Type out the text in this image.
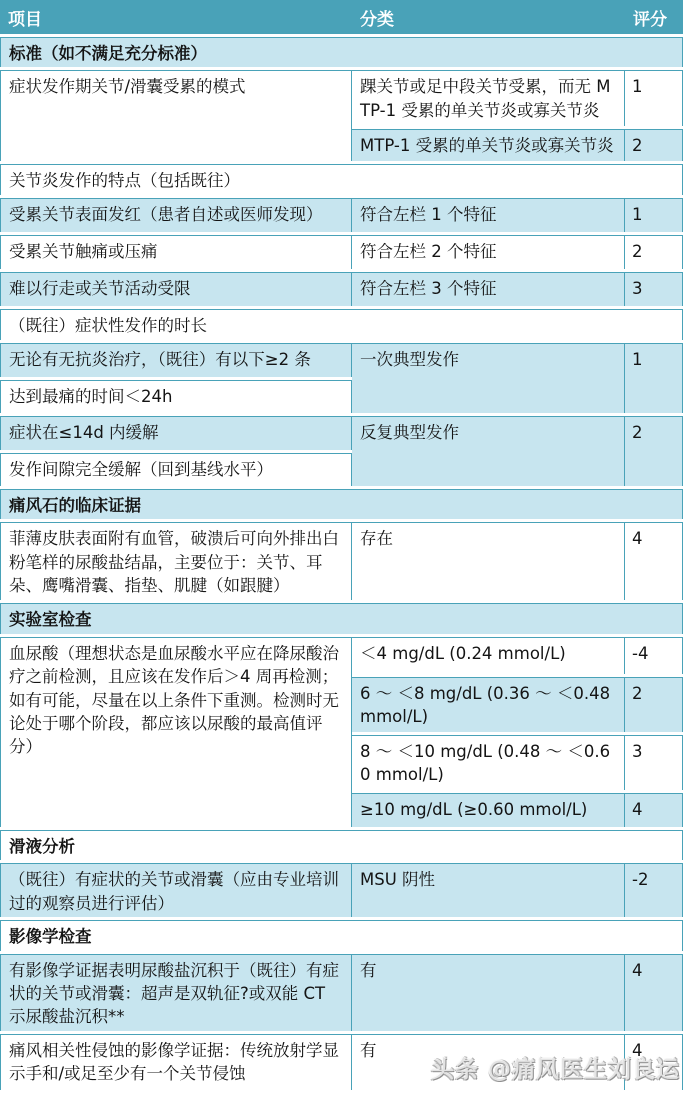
项目	分类	评分
标准（如不满足充分标准）		
症状发作期关节/滑囊受累的模式	踝关节或足中段关节受累，而无 MTP-1 受累的单关节炎或寡关节炎	1
	MTP-1 受累的单关节炎或寡关节炎	2
关节炎发作的特点（包括既往）		
受累关节表面发红（患者自述或医师发现）	符合左栏 1 个特征	1
受累关节触痛或压痛	符合左栏 2 个特征	2
难以行走或关节活动受限	符合左栏 3 个特征	3
（既往）症状性发作的时长		
无论有无抗炎治疗，（既往）有以下≥2 条	一次典型发作	1
达到最痛的时间＜24h		
症状在≤14d 内缓解	反复典型发作	2
发作间隙完全缓解（回到基线水平）		
痛风石的临床证据		
菲薄皮肤表面附有血管，破溃后可向外排出白粉笔样的尿酸盐结晶，主要位于：关节、耳朵、鹰嘴滑囊、指垫、肌腱（如跟腱）	存在	4
实验室检查		
血尿酸（理想状态是血尿酸水平应在降尿酸治疗之前检测，且应该在发作后＞4 周再检测；如有可能，尽量在以上条件下重测。检测时无论处于哪个阶段，都应该以尿酸的最高值评分）	＜4 mg/dL (0.24 mmol/L)	-4
	6 ～ ＜8 mg/dL (0.36 ～ ＜0.48 mmol/L)	2
	8 ～ ＜10 mg/dL (0.48 ～ ＜0.60 mmol/L)	3
	≥10 mg/dL (≥0.60 mmol/L)	4
滑液分析		
（既往）有症状的关节或滑囊（应由专业培训过的观察员进行评估）	MSU 阴性	-2
影像学检查		
有影像学证据表明尿酸盐沉积于（既往）有症状的关节或滑囊：超声是双轨征?或双能 CT 示尿酸盐沉积**	有	4
痛风相关性侵蚀的影像学证据：传统放射学显示手和/或足至少有一个关节侵蚀	有	4
头条 @痛风医生刘良运
